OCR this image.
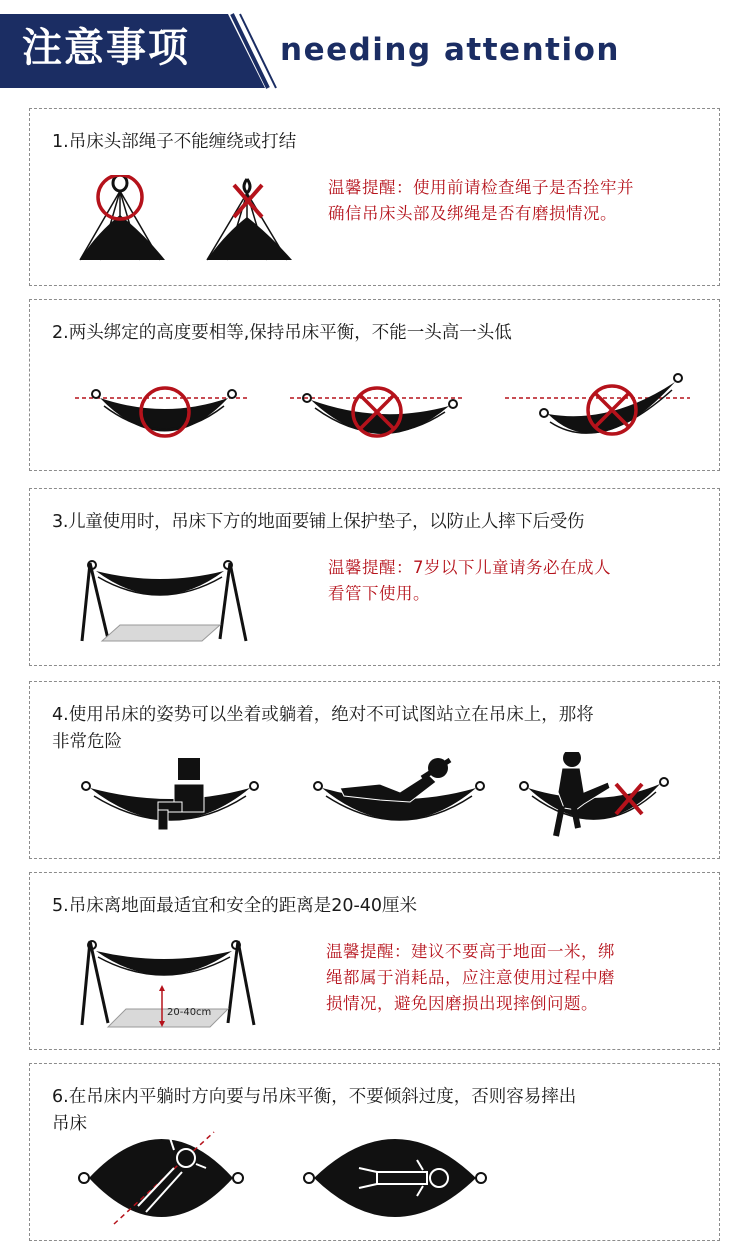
注意事项	needing attention
1.吊床头部绳子不能缠绕或打结
温馨提醒：使用前请检查绳子是否拴牢并
确信吊床头部及绑绳是否有磨损情况。
2.两头绑定的高度要相等,保持吊床平衡，不能一头高一头低
3.儿童使用时，吊床下方的地面要铺上保护垫子，以防止人摔下后受伤
温馨提醒：7岁以下儿童请务必在成人
看管下使用。
4.使用吊床的姿势可以坐着或躺着，绝对不可试图站立在吊床上，那将
非常危险
5.吊床离地面最适宜和安全的距离是20-40厘米
20-40cm
温馨提醒：建议不要高于地面一米，绑
绳都属于消耗品，应注意使用过程中磨
损情况，避免因磨损出现摔倒问题。
6.在吊床内平躺时方向要与吊床平衡，不要倾斜过度，否则容易摔出
吊床
